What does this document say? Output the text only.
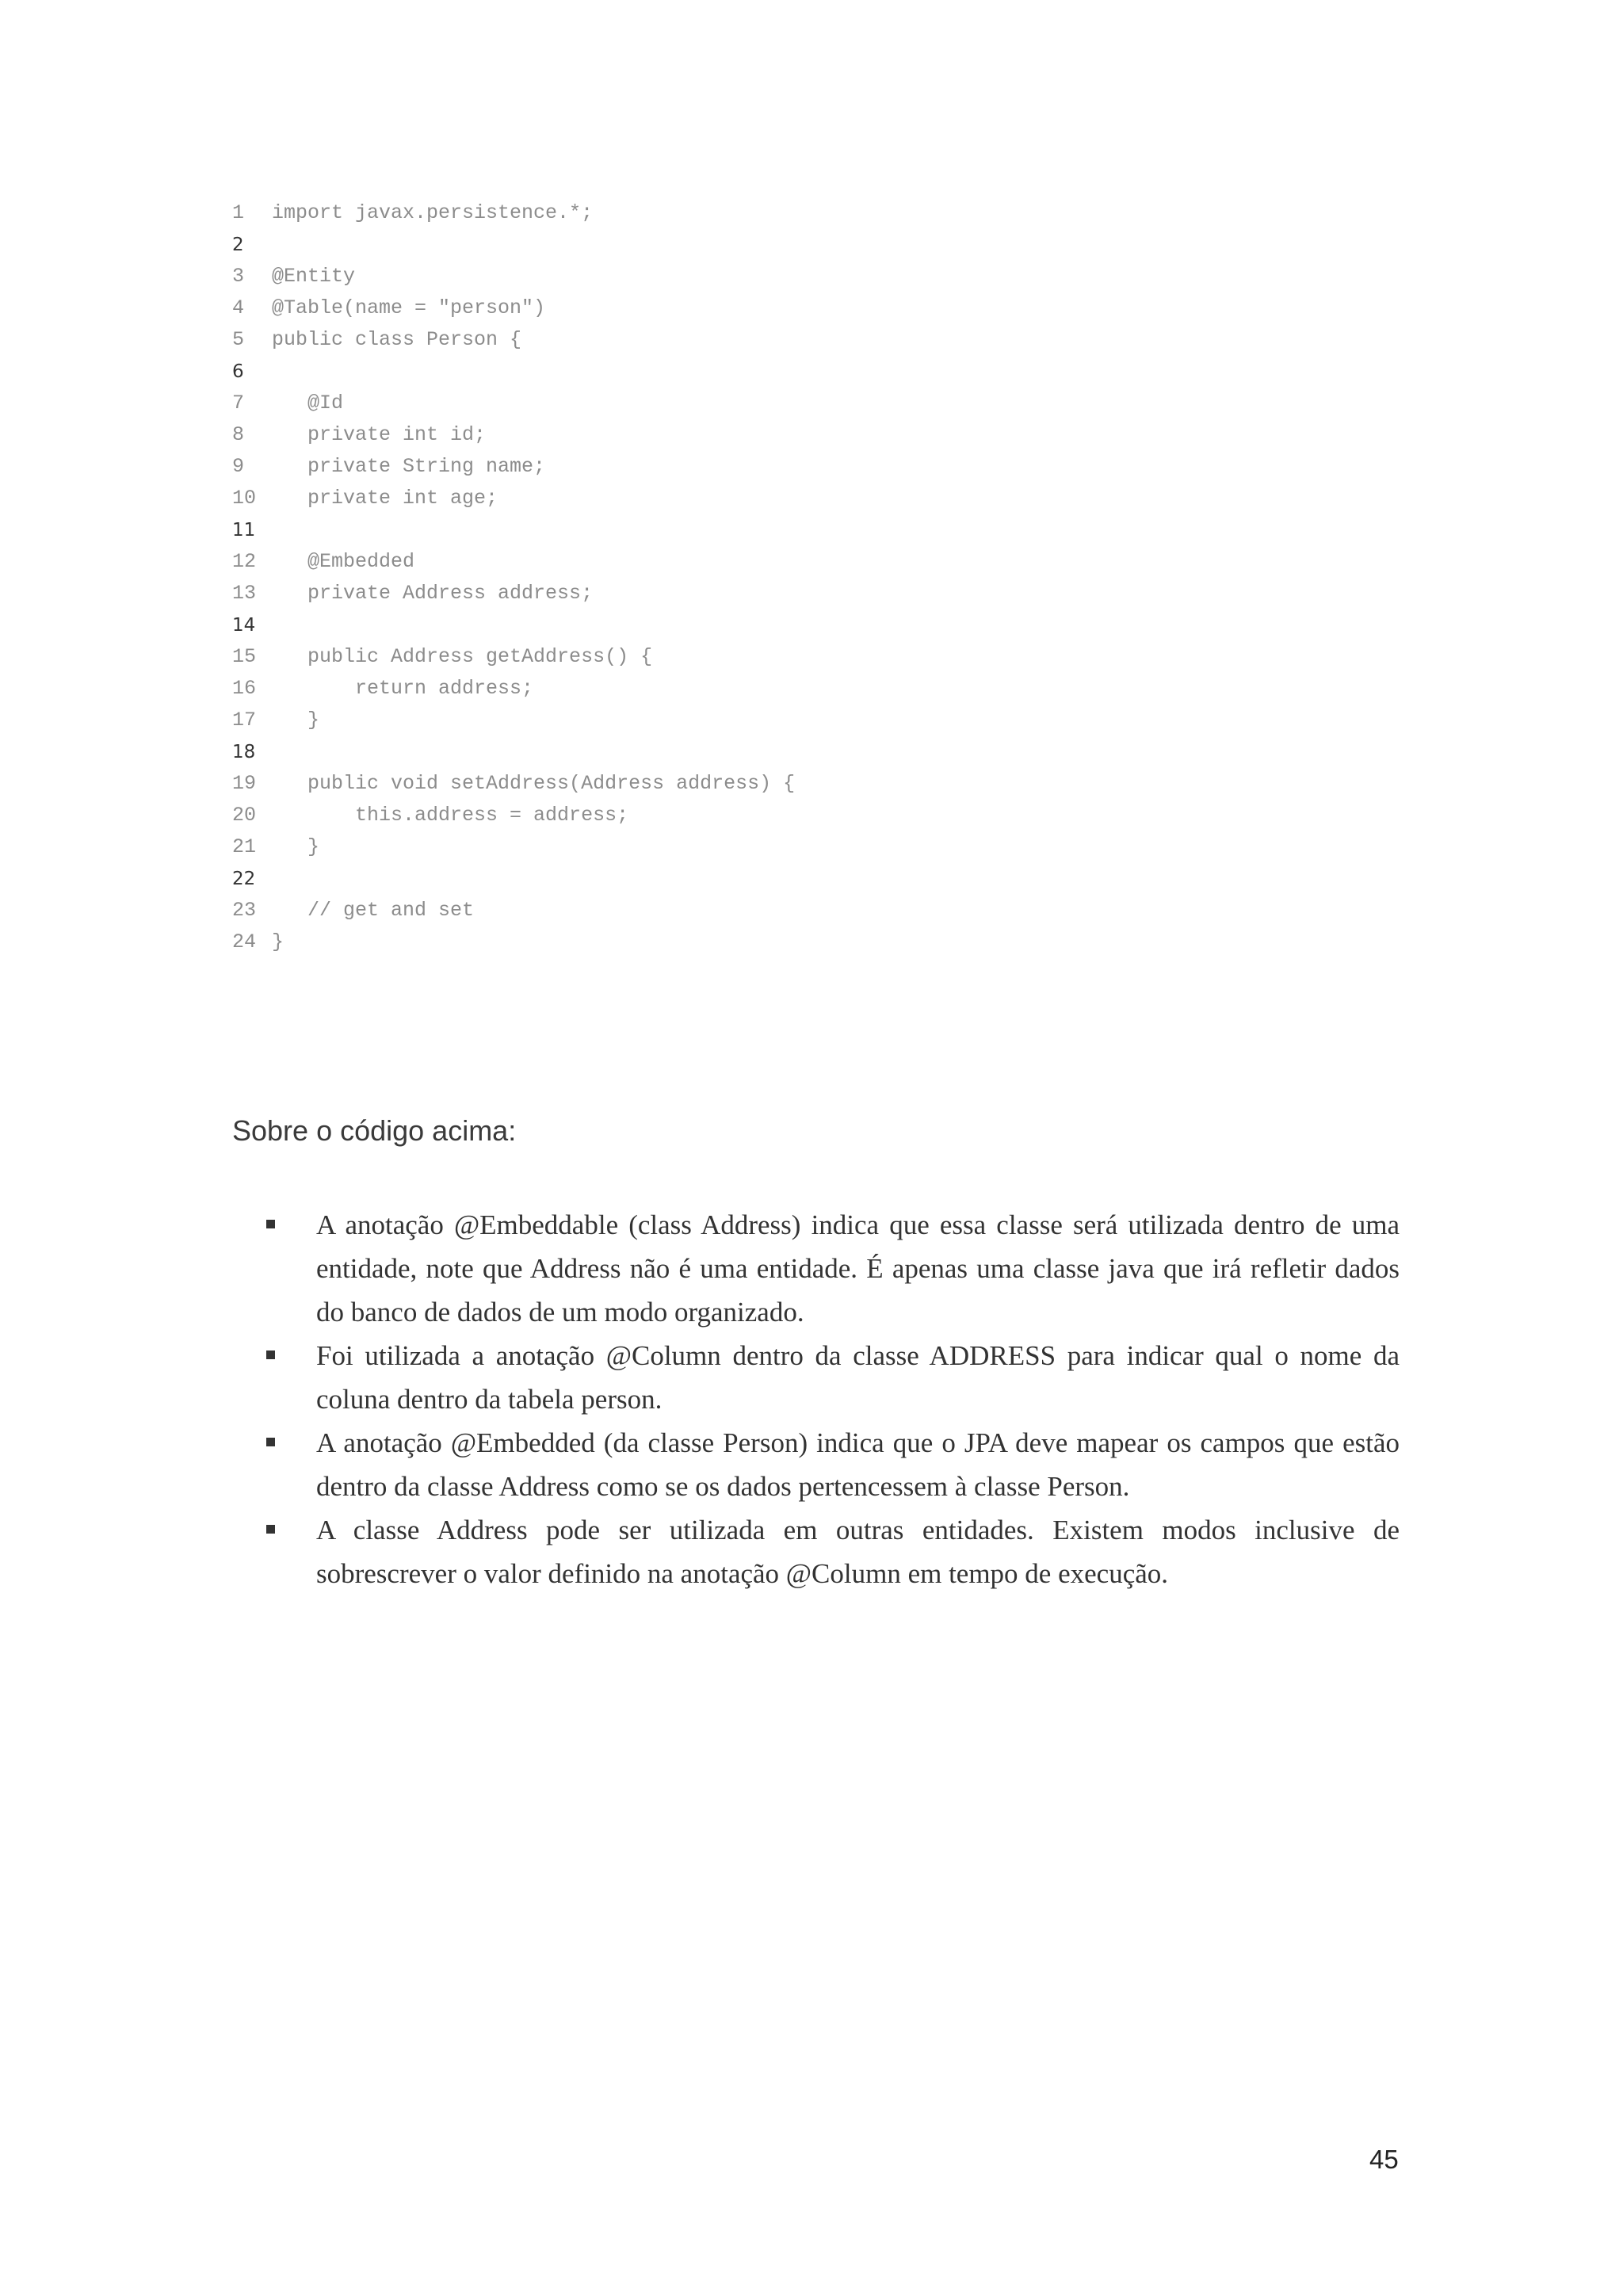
1 import javax.persistence.*;
2
3 @Entity
4 @Table(name = "person")
5 public class Person {
6
7   @Id
8   private int id;
9   private String name;
10   private int age;
11
12   @Embedded
13   private Address address;
14
15   public Address getAddress() {
16       return address;
17   }
18
19   public void setAddress(Address address) {
20       this.address = address;
21   }
22
23   // get and set
24 }
Sobre o código acima:
A anotação @Embeddable (class Address) indica que essa classe será utilizada dentro de uma entidade, note que Address não é uma entidade. É apenas uma classe java que irá refletir dados do banco de dados de um modo organizado.
Foi utilizada a anotação @Column dentro da classe ADDRESS para indicar qual o nome da coluna dentro da tabela person.
A anotação @Embedded (da classe Person) indica que o JPA deve mapear os campos que estão dentro da classe Address como se os dados pertencessem à classe Person.
A classe Address pode ser utilizada em outras entidades. Existem modos inclusive de sobrescrever o valor definido na anotação @Column em tempo de execução.
45
